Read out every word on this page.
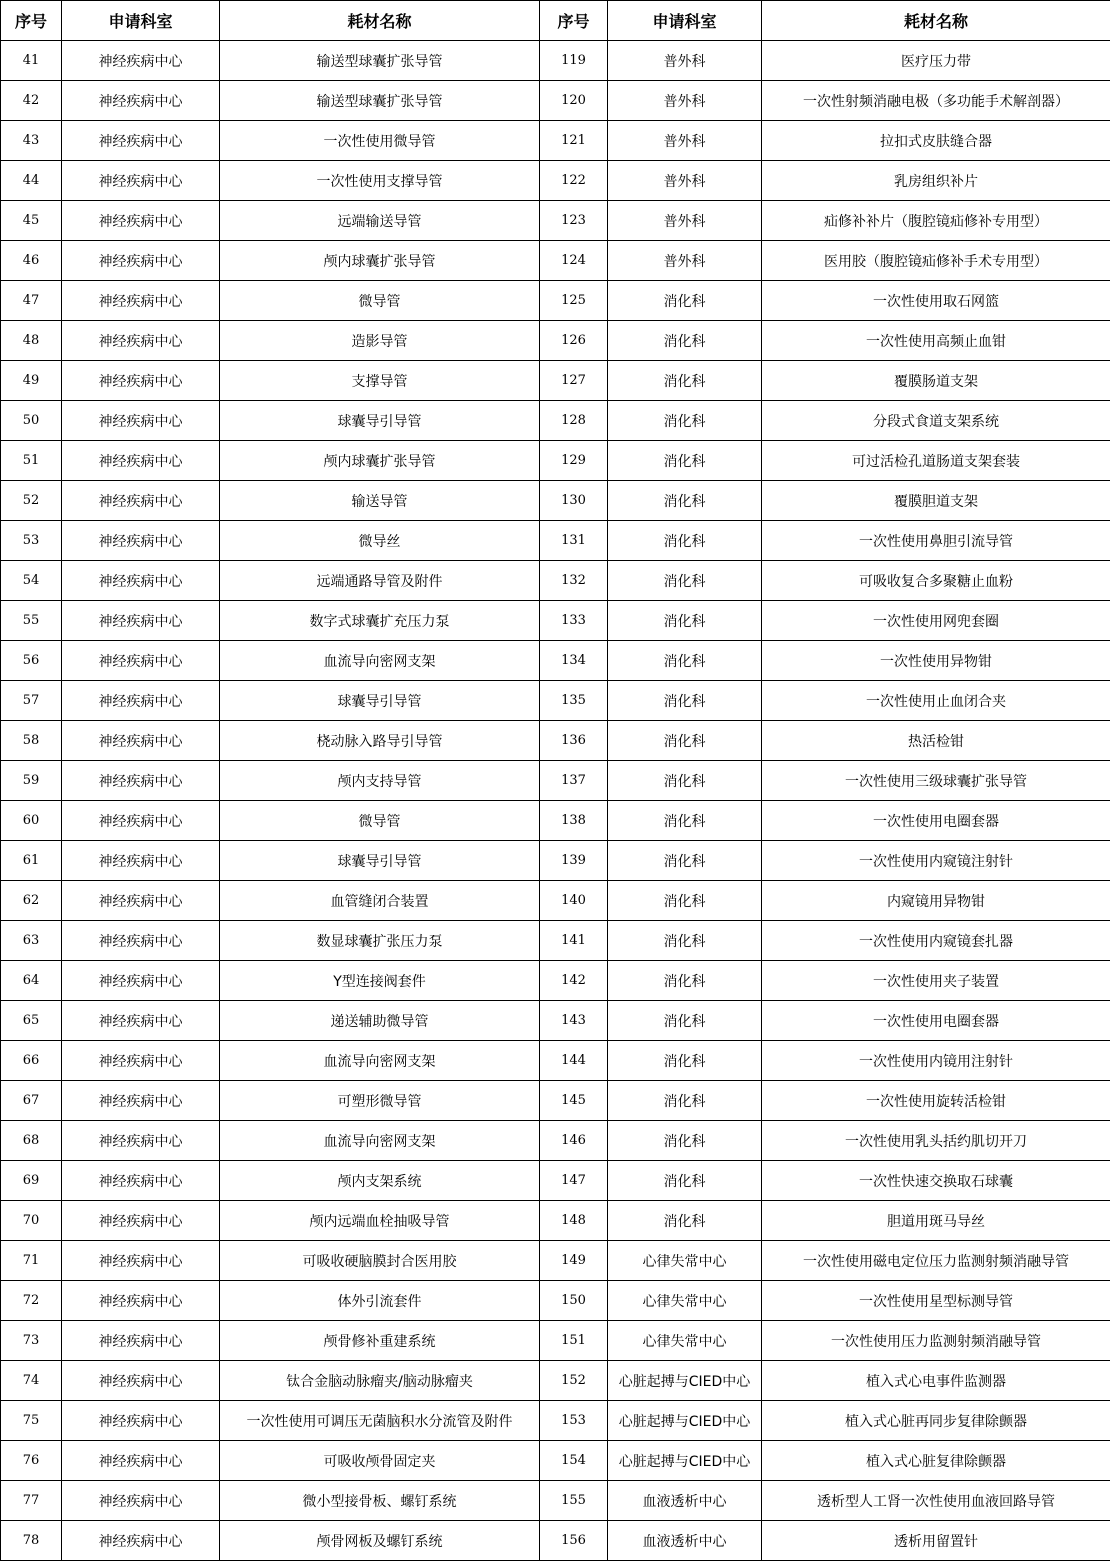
序号	申请科室	耗材名称	序号	申请科室	耗材名称
41	神经疾病中心	输送型球囊扩张导管	119	普外科	医疗压力带
42	神经疾病中心	输送型球囊扩张导管	120	普外科	一次性射频消融电极（多功能手术解剖器）
43	神经疾病中心	一次性使用微导管	121	普外科	拉扣式皮肤缝合器
44	神经疾病中心	一次性使用支撑导管	122	普外科	乳房组织补片
45	神经疾病中心	远端输送导管	123	普外科	疝修补补片（腹腔镜疝修补专用型）
46	神经疾病中心	颅内球囊扩张导管	124	普外科	医用胶（腹腔镜疝修补手术专用型）
47	神经疾病中心	微导管	125	消化科	一次性使用取石网篮
48	神经疾病中心	造影导管	126	消化科	一次性使用高频止血钳
49	神经疾病中心	支撑导管	127	消化科	覆膜肠道支架
50	神经疾病中心	球囊导引导管	128	消化科	分段式食道支架系统
51	神经疾病中心	颅内球囊扩张导管	129	消化科	可过活检孔道肠道支架套装
52	神经疾病中心	输送导管	130	消化科	覆膜胆道支架
53	神经疾病中心	微导丝	131	消化科	一次性使用鼻胆引流导管
54	神经疾病中心	远端通路导管及附件	132	消化科	可吸收复合多聚糖止血粉
55	神经疾病中心	数字式球囊扩充压力泵	133	消化科	一次性使用网兜套圈
56	神经疾病中心	血流导向密网支架	134	消化科	一次性使用异物钳
57	神经疾病中心	球囊导引导管	135	消化科	一次性使用止血闭合夹
58	神经疾病中心	桡动脉入路导引导管	136	消化科	热活检钳
59	神经疾病中心	颅内支持导管	137	消化科	一次性使用三级球囊扩张导管
60	神经疾病中心	微导管	138	消化科	一次性使用电圈套器
61	神经疾病中心	球囊导引导管	139	消化科	一次性使用内窥镜注射针
62	神经疾病中心	血管缝闭合装置	140	消化科	内窥镜用异物钳
63	神经疾病中心	数显球囊扩张压力泵	141	消化科	一次性使用内窥镜套扎器
64	神经疾病中心	Y型连接阀套件	142	消化科	一次性使用夹子装置
65	神经疾病中心	递送辅助微导管	143	消化科	一次性使用电圈套器
66	神经疾病中心	血流导向密网支架	144	消化科	一次性使用内镜用注射针
67	神经疾病中心	可塑形微导管	145	消化科	一次性使用旋转活检钳
68	神经疾病中心	血流导向密网支架	146	消化科	一次性使用乳头括约肌切开刀
69	神经疾病中心	颅内支架系统	147	消化科	一次性快速交换取石球囊
70	神经疾病中心	颅内远端血栓抽吸导管	148	消化科	胆道用斑马导丝
71	神经疾病中心	可吸收硬脑膜封合医用胶	149	心律失常中心	一次性使用磁电定位压力监测射频消融导管
72	神经疾病中心	体外引流套件	150	心律失常中心	一次性使用星型标测导管
73	神经疾病中心	颅骨修补重建系统	151	心律失常中心	一次性使用压力监测射频消融导管
74	神经疾病中心	钛合金脑动脉瘤夹/脑动脉瘤夹	152	心脏起搏与CIED中心	植入式心电事件监测器
75	神经疾病中心	一次性使用可调压无菌脑积水分流管及附件	153	心脏起搏与CIED中心	植入式心脏再同步复律除颤器
76	神经疾病中心	可吸收颅骨固定夹	154	心脏起搏与CIED中心	植入式心脏复律除颤器
77	神经疾病中心	微小型接骨板、螺钉系统	155	血液透析中心	透析型人工肾一次性使用血液回路导管
78	神经疾病中心	颅骨网板及螺钉系统	156	血液透析中心	透析用留置针
